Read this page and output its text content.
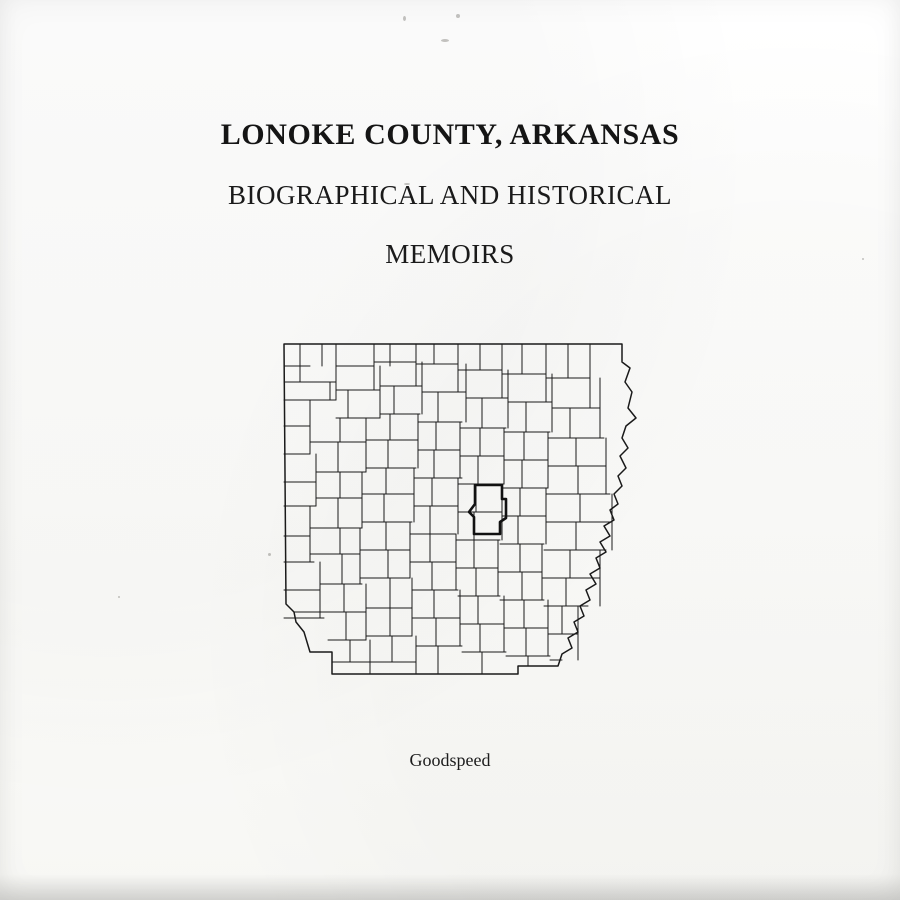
LONOKE COUNTY, ARKANSAS
BIOGRAPHICAL AND HISTORICAL
MEMOIRS
Goodspeed
